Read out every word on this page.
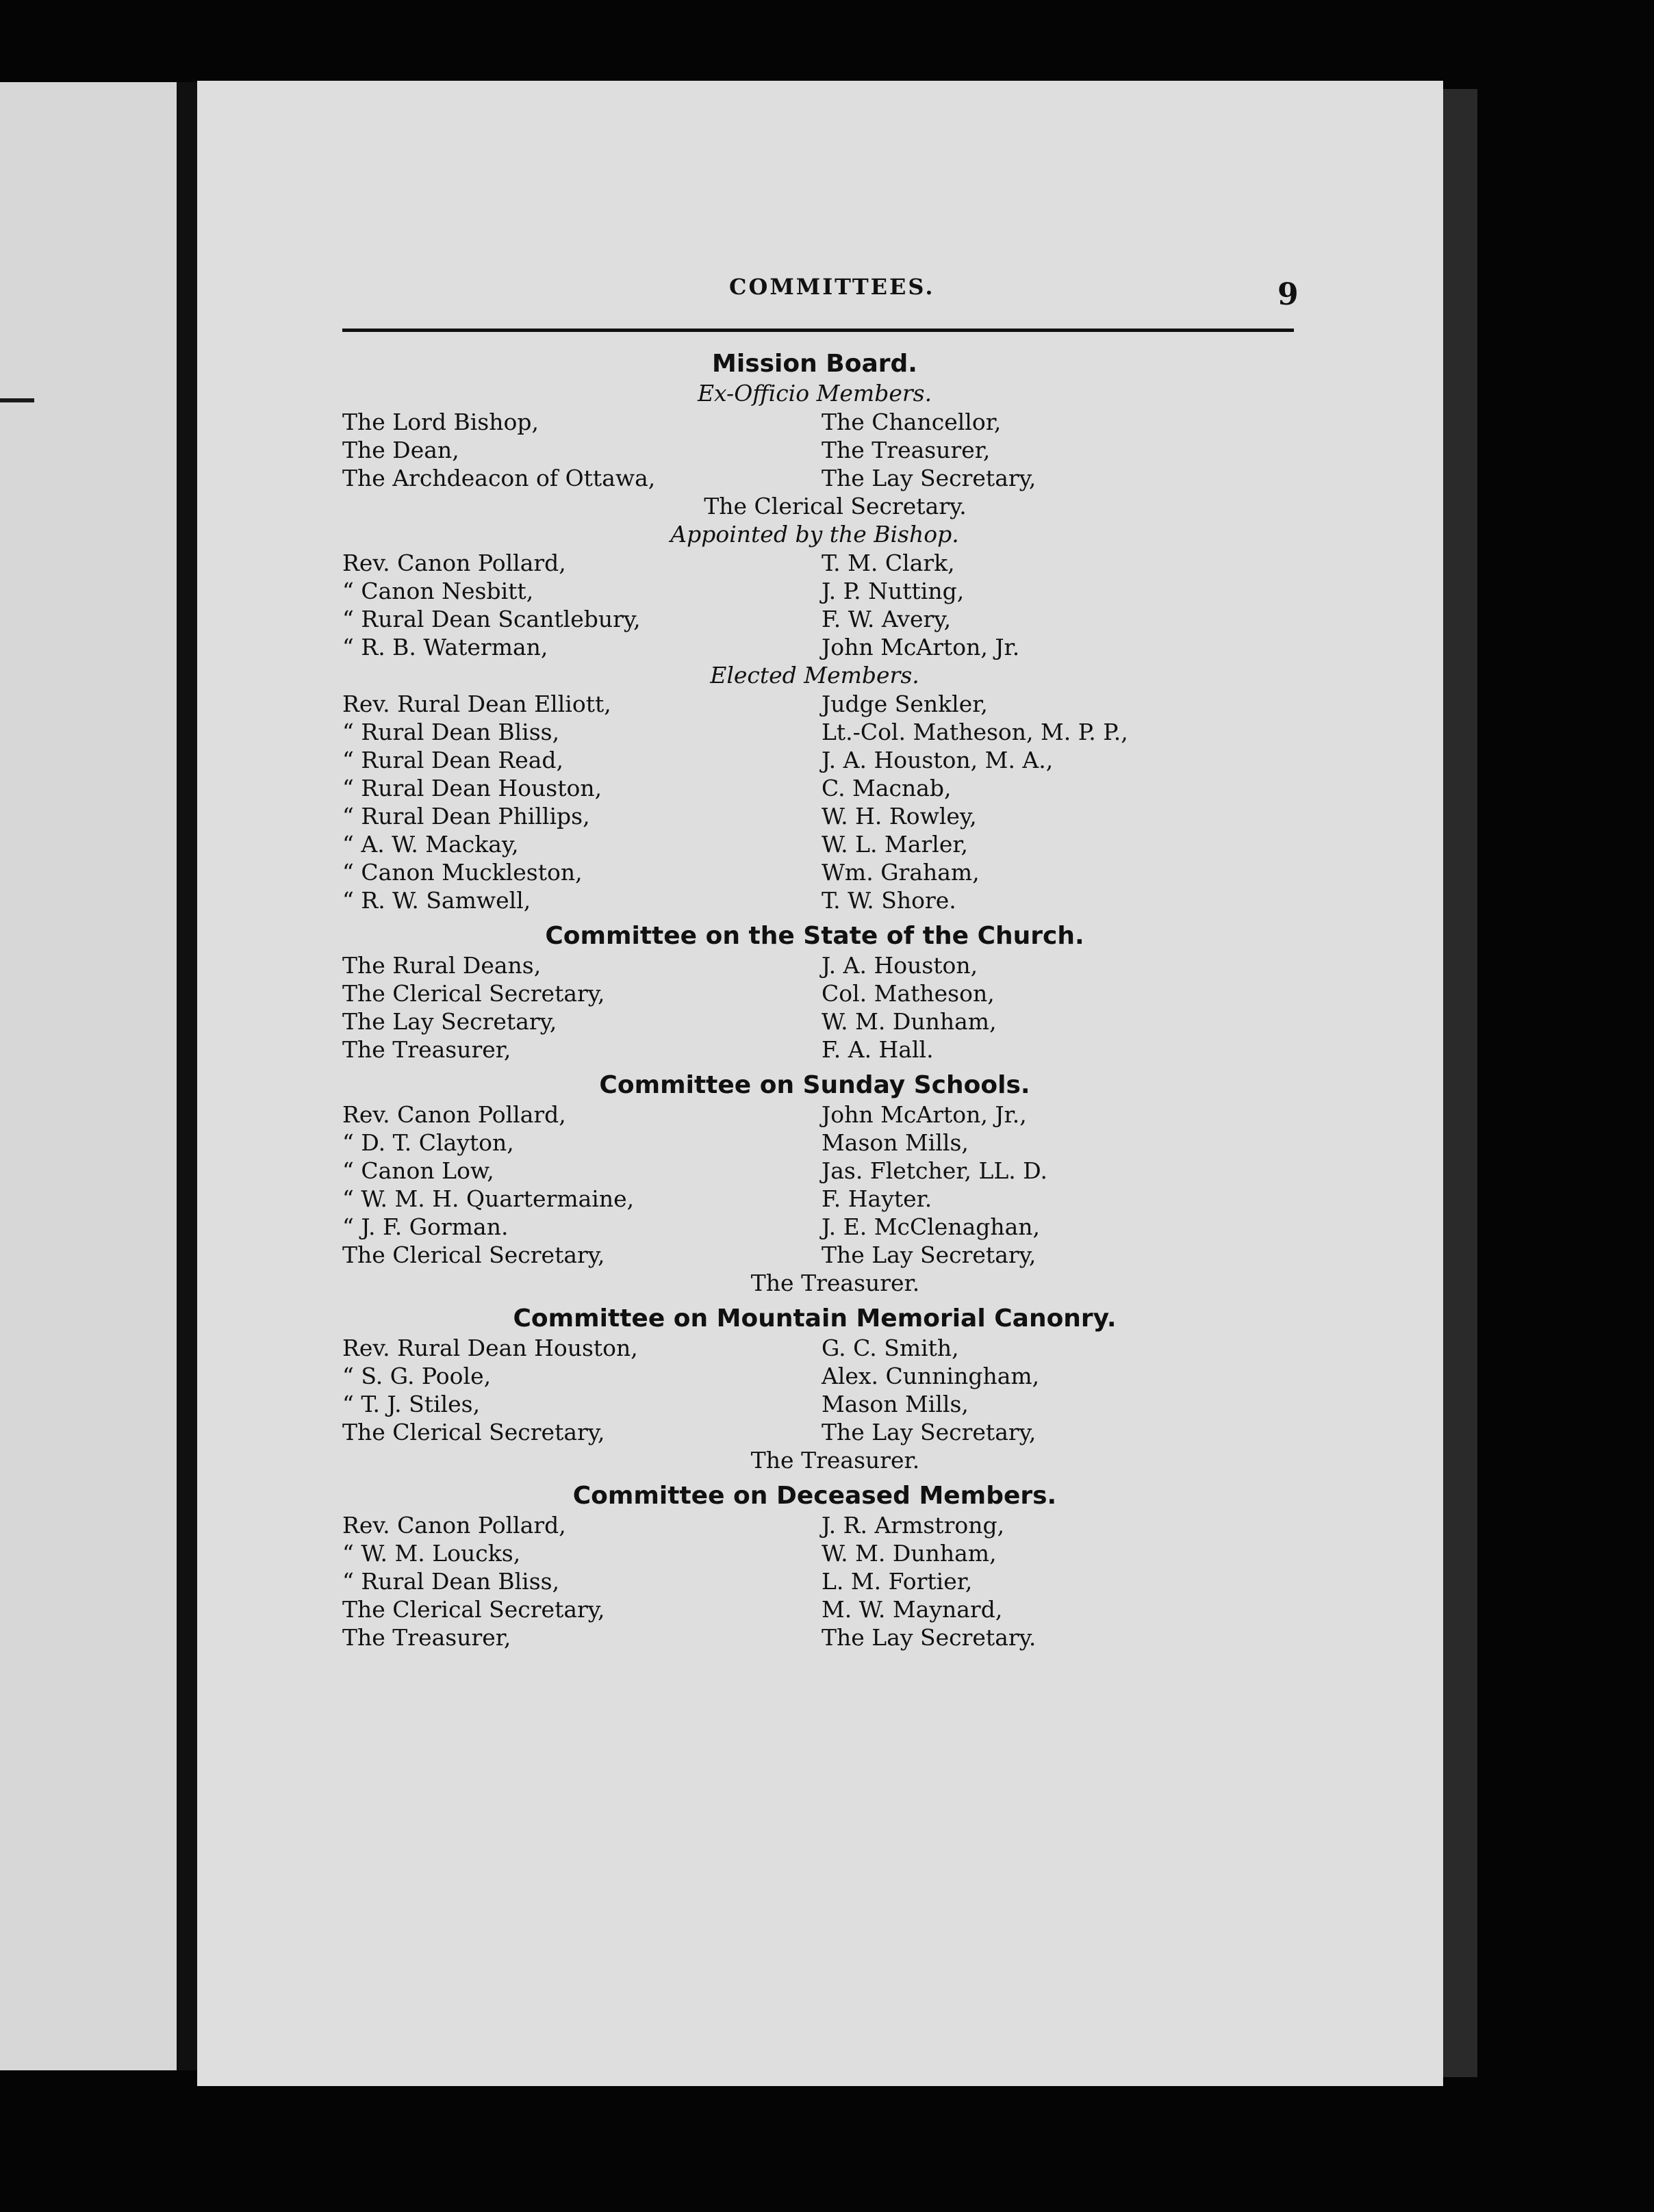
COMMITTEES.	9
Mission Board.
Ex-Officio Members.
The Lord Bishop,	The Chancellor,
The Dean,	The Treasurer,
The Archdeacon of Ottawa,	The Lay Secretary,
The Clerical Secretary.
Appointed by the Bishop.
Rev. Canon Pollard,	T. M. Clark,
“ Canon Nesbitt,	J. P. Nutting,
“ Rural Dean Scantlebury,	F. W. Avery,
“ R. B. Waterman,	John McArton, Jr.
Elected Members.
Rev. Rural Dean Elliott,	Judge Senkler,
“ Rural Dean Bliss,	Lt.-Col. Matheson, M. P. P.,
“ Rural Dean Read,	J. A. Houston, M. A.,
“ Rural Dean Houston,	C. Macnab,
“ Rural Dean Phillips,	W. H. Rowley,
“ A. W. Mackay,	W. L. Marler,
“ Canon Muckleston,	Wm. Graham,
“ R. W. Samwell,	T. W. Shore.
Committee on the State of the Church.
The Rural Deans,	J. A. Houston,
The Clerical Secretary,	Col. Matheson,
The Lay Secretary,	W. M. Dunham,
The Treasurer,	F. A. Hall.
Committee on Sunday Schools.
Rev. Canon Pollard,	John McArton, Jr.,
“ D. T. Clayton,	Mason Mills,
“ Canon Low,	Jas. Fletcher, LL. D.
“ W. M. H. Quartermaine,	F. Hayter.
“ J. F. Gorman.	J. E. McClenaghan,
The Clerical Secretary,	The Lay Secretary,
The Treasurer.
Committee on Mountain Memorial Canonry.
Rev. Rural Dean Houston,	G. C. Smith,
“ S. G. Poole,	Alex. Cunningham,
“ T. J. Stiles,	Mason Mills,
The Clerical Secretary,	The Lay Secretary,
The Treasurer.
Committee on Deceased Members.
Rev. Canon Pollard,	J. R. Armstrong,
“ W. M. Loucks,	W. M. Dunham,
“ Rural Dean Bliss,	L. M. Fortier,
The Clerical Secretary,	M. W. Maynard,
The Treasurer,	The Lay Secretary.
